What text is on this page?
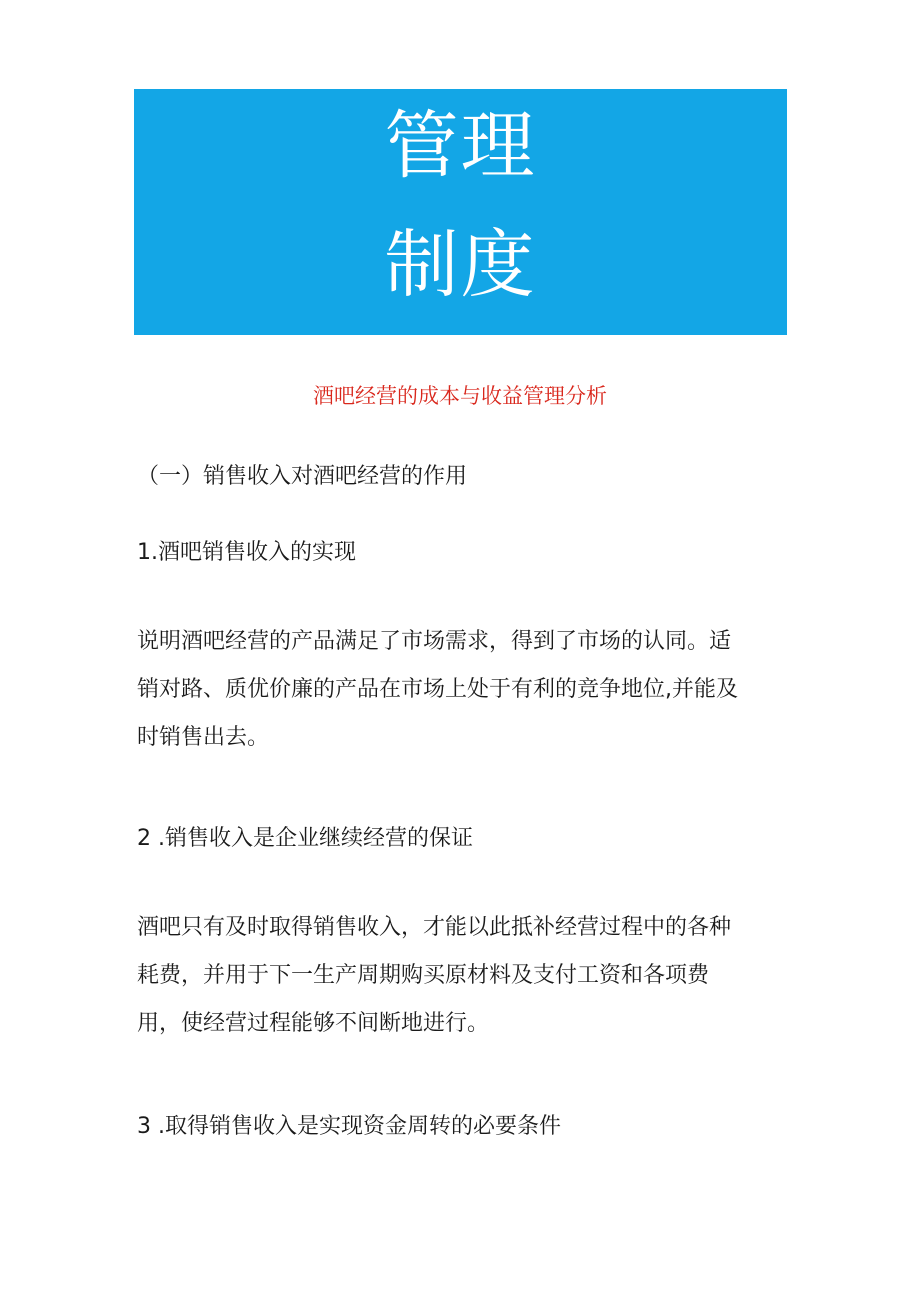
管理
制度
酒吧经营的成本与收益管理分析
（一）销售收入对酒吧经营的作用
1.酒吧销售收入的实现
说明酒吧经营的产品满足了市场需求，得到了市场的认同。适
销对路、质优价廉的产品在市场上处于有利的竞争地位,并能及
时销售出去。
2 .销售收入是企业继续经营的保证
酒吧只有及时取得销售收入，才能以此抵补经营过程中的各种
耗费，并用于下一生产周期购买原材料及支付工资和各项费
用，使经营过程能够不间断地进行。
3 .取得销售收入是实现资金周转的必要条件
